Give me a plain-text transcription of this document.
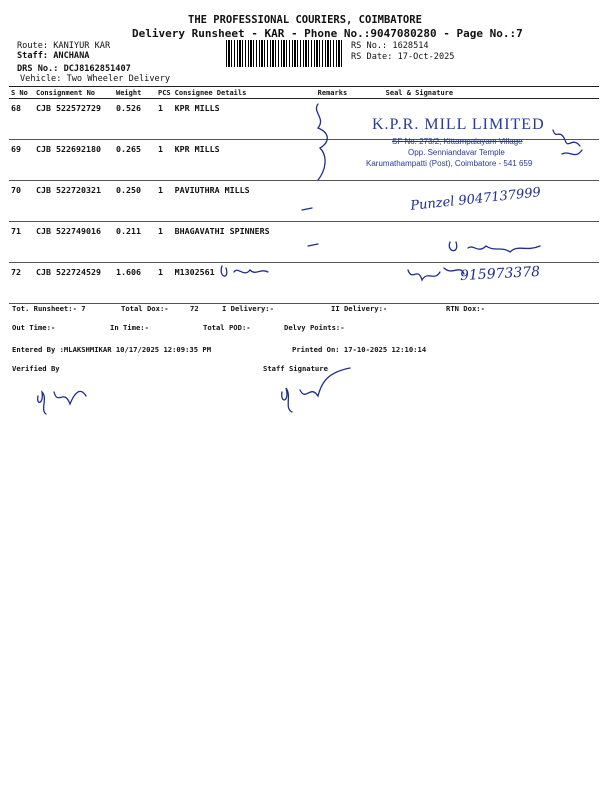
THE PROFESSIONAL COURIERS, COIMBATORE
Delivery Runsheet - KAR - Phone No.:9047080280 - Page No.:7
Route: KANIYUR KAR
Staff: ANCHANA
DRS No.: DCJ8162851407
Vehicle: Two Wheeler Delivery
RS No.: 1628514
RS Date: 17-Oct-2025
S No	Consignment No	Weight	PCS	Consignee Details	Remarks	Seal & Signature
68	CJB 522572729	0.526	1	KPR MILLS		
69	CJB 522692180	0.265	1	KPR MILLS		
70	CJB 522720321	0.250	1	PAVIUTHRA MILLS		
71	CJB 522749016	0.211	1	BHAGAVATHI SPINNERS		
72	CJB 522724529	1.606	1	M1302561		
K.P.R. MILL LIMITED
SF No. 273/2, Kittampalayam Village
Opp. Senniandavar Temple
Karumathampatti (Post), Coimbatore - 541 659
Punzel 9047137999
915973378
Tot. Runsheet:- 7	Total Dox:-	72	I Delivery:-	II Delivery:-	RTN Dox:-
Out Time:-	In Time:-	Total POD:-	Delvy Points:-
Entered By :MLAKSHMIKAR 10/17/2025 12:09:35 PM	Printed On: 17-10-2025 12:10:14
Verified By	Staff Signature
